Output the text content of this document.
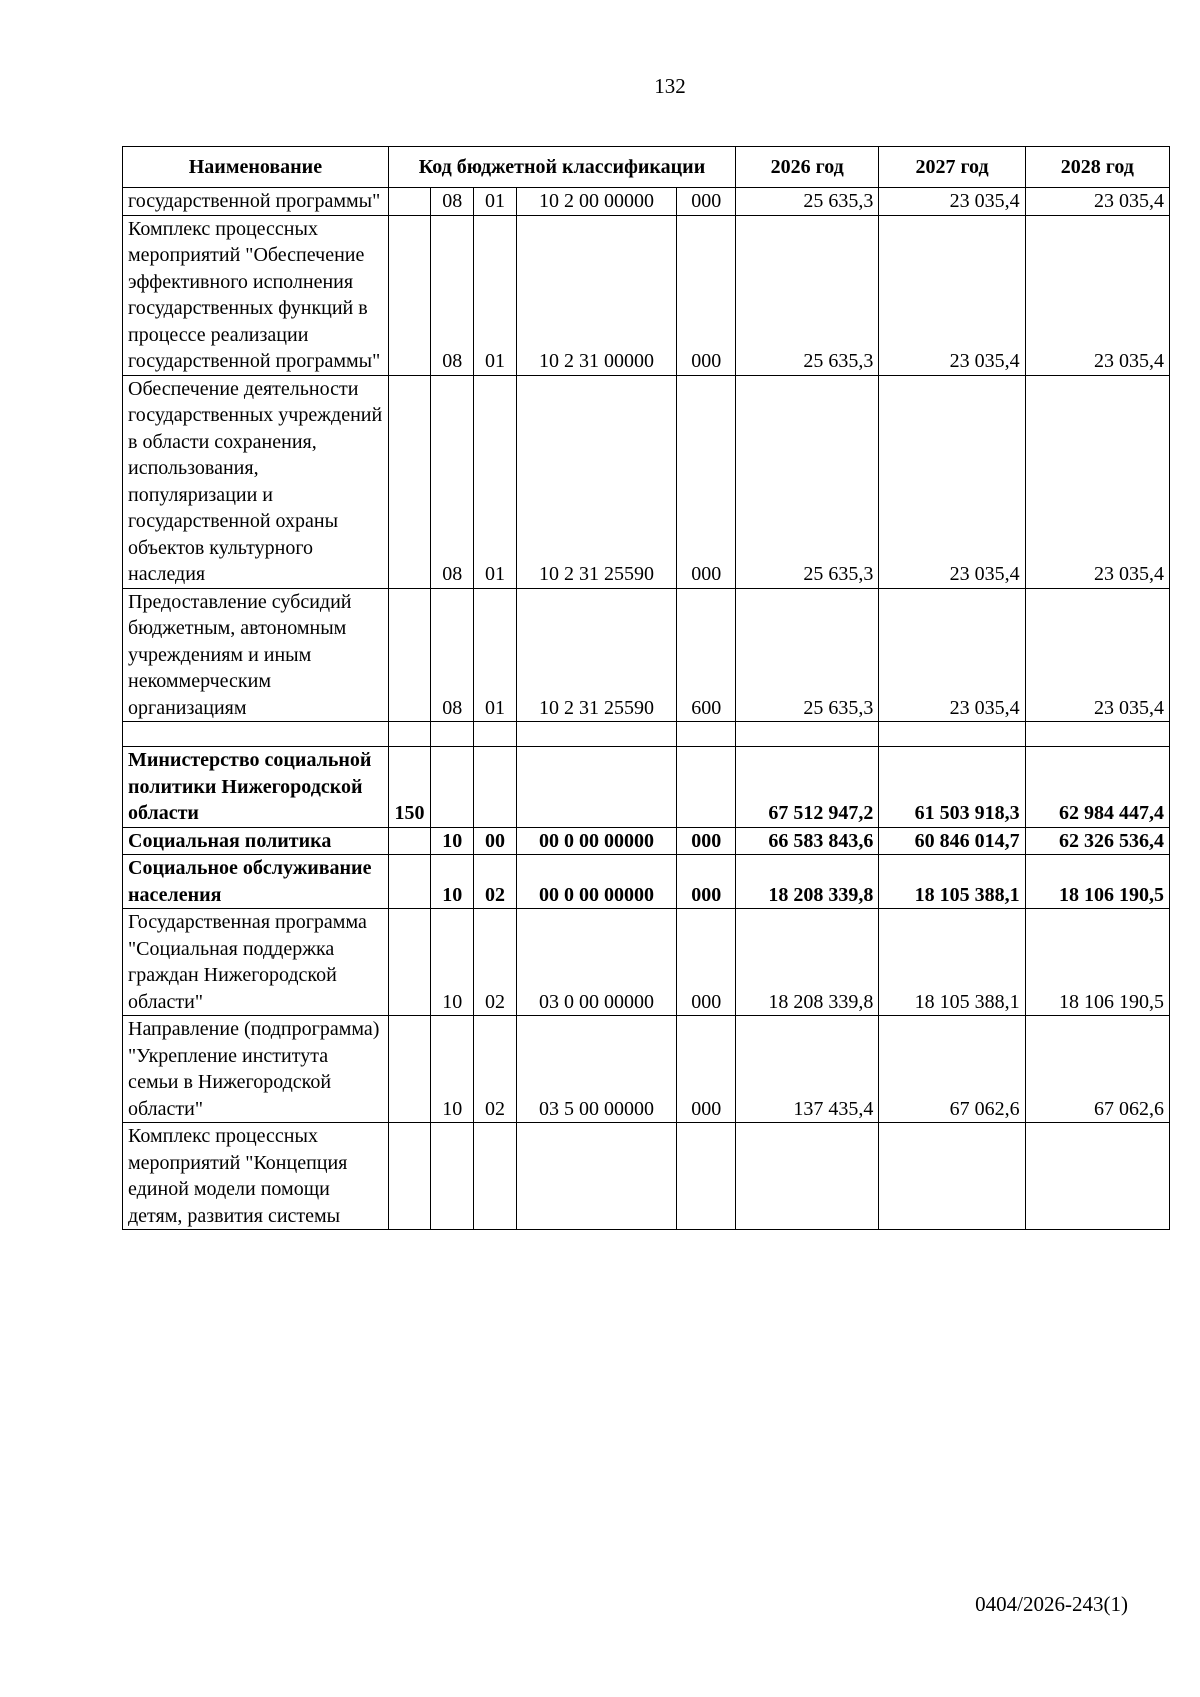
132
Наименование	Код бюджетной классификации					2026 год	2027 год	2028 год
государственной программы"		08	01	10 2 00 00000	000	25 635,3	23 035,4	23 035,4
Комплекс процессных мероприятий "Обеспечение эффективного исполнения государственных функций в процессе реализации государственной программы"		08	01	10 2 31 00000	000	25 635,3	23 035,4	23 035,4
Обеспечение деятельности государственных учреждений в области сохранения, использования, популяризации и государственной охраны объектов культурного наследия		08	01	10 2 31 25590	000	25 635,3	23 035,4	23 035,4
Предоставление субсидий бюджетным, автономным учреждениям и иным некоммерческим организациям		08	01	10 2 31 25590	600	25 635,3	23 035,4	23 035,4

Министерство социальной политики Нижегородской области	150					67 512 947,2	61 503 918,3	62 984 447,4
Социальная политика		10	00	00 0 00 00000	000	66 583 843,6	60 846 014,7	62 326 536,4
Социальное обслуживание населения		10	02	00 0 00 00000	000	18 208 339,8	18 105 388,1	18 106 190,5
Государственная программа "Социальная поддержка граждан Нижегородской области"		10	02	03 0 00 00000	000	18 208 339,8	18 105 388,1	18 106 190,5
Направление (подпрограмма) "Укрепление института семьи в Нижегородской области"		10	02	03 5 00 00000	000	137 435,4	67 062,6	67 062,6
Комплекс процессных мероприятий "Концепция единой модели помощи детям, развития системы								
0404/2026-243(1)
